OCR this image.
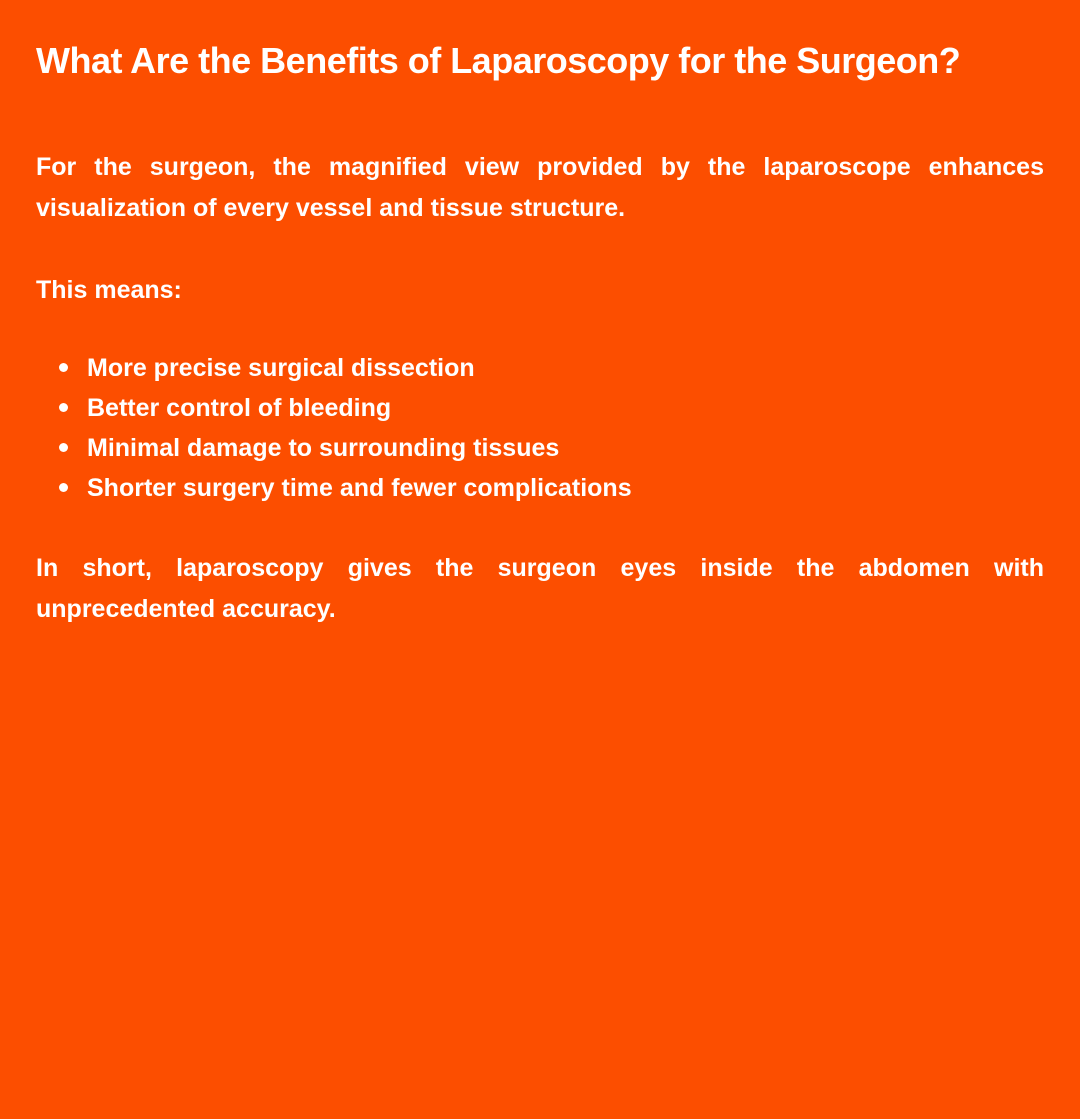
What Are the Benefits of Laparoscopy for the Surgeon?

For the surgeon, the magnified view provided by the laparoscope enhances visualization of every vessel and tissue structure.

This means:

More precise surgical dissection
Better control of bleeding
Minimal damage to surrounding tissues
Shorter surgery time and fewer complications

In short, laparoscopy gives the surgeon eyes inside the abdomen with unprecedented accuracy.
